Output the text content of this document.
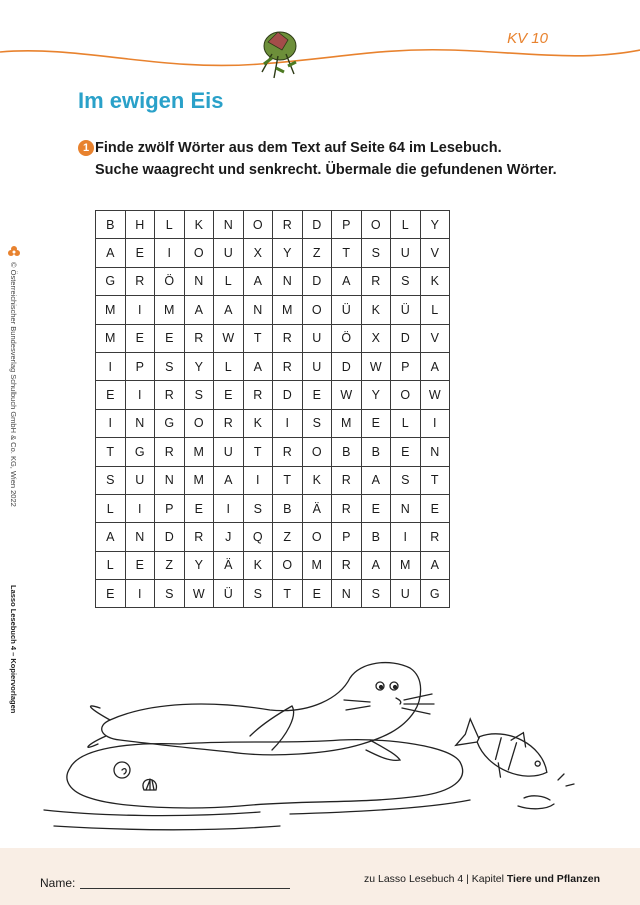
KV 10
Im ewigen Eis
1 Finde zwölf Wörter aus dem Text auf Seite 64 im Lesebuch.
Suche waagrecht und senkrecht. Übermale die gefundenen Wörter.
B	H	L	K	N	O	R	D	P	O	L	Y
A	E	I	O	U	X	Y	Z	T	S	U	V
G	R	Ö	N	L	A	N	D	A	R	S	K
M	I	M	A	A	N	M	O	Ü	K	Ü	L
M	E	E	R	W	T	R	U	Ö	X	D	V
I	P	S	Y	L	A	R	U	D	W	P	A
E	I	R	S	E	R	D	E	W	Y	O	W
I	N	G	O	R	K	I	S	M	E	L	I
T	G	R	M	U	T	R	O	B	B	E	N
S	U	N	M	A	I	T	K	R	A	S	T
L	I	P	E	I	S	B	Ä	R	E	N	E
A	N	D	R	J	Q	Z	O	P	B	I	R
L	E	Z	Y	Ä	K	O	M	R	A	M	A
E	I	S	W	Ü	S	T	E	N	S	U	G
© Österreichischer Bundesverlag Schulbuch GmbH & Co. KG, Wien 2022
Lasso Lesebuch 4 – Kopiervorlagen
Name:	zu Lasso Lesebuch 4 | Kapitel Tiere und Pflanzen
